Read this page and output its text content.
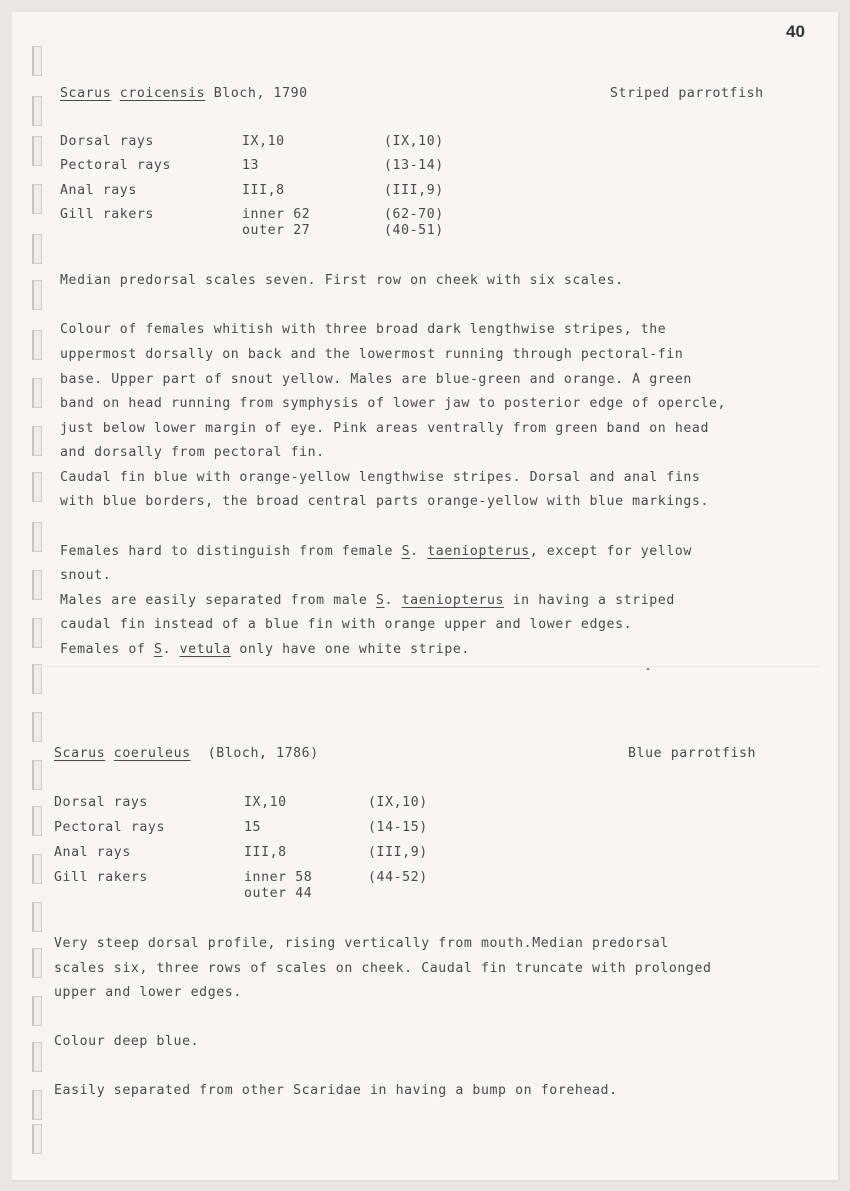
40
Scarus croicensis Bloch, 1790	Striped parrotfish
Dorsal rays	IX,10	(IX,10)
Pectoral rays	13	(13-14)
Anal rays	III,8	(III,9)
Gill rakers	inner 62	(62-70)
outer 27	(40-51)
Median predorsal scales seven. First row on cheek with six scales.
Colour of females whitish with three broad dark lengthwise stripes, the
uppermost dorsally on back and the lowermost running through pectoral-fin
base. Upper part of snout yellow. Males are blue-green and orange. A green
band on head running from symphysis of lower jaw to posterior edge of opercle,
just below lower margin of eye. Pink areas ventrally from green band on head
and dorsally from pectoral fin.
Caudal fin blue with orange-yellow lengthwise stripes. Dorsal and anal fins
with blue borders, the broad central parts orange-yellow with blue markings.
Females hard to distinguish from female S. taeniopterus, except for yellow
snout.
Males are easily separated from male S. taeniopterus in having a striped
caudal fin instead of a blue fin with orange upper and lower edges.
Females of S. vetula only have one white stripe.
Scarus coeruleus (Bloch, 1786)	Blue parrotfish
Dorsal rays	IX,10	(IX,10)
Pectoral rays	15	(14-15)
Anal rays	III,8	(III,9)
Gill rakers	inner 58	(44-52)
outer 44
Very steep dorsal profile, rising vertically from mouth.Median predorsal
scales six, three rows of scales on cheek. Caudal fin truncate with prolonged
upper and lower edges.
Colour deep blue.
Easily separated from other Scaridae in having a bump on forehead.
